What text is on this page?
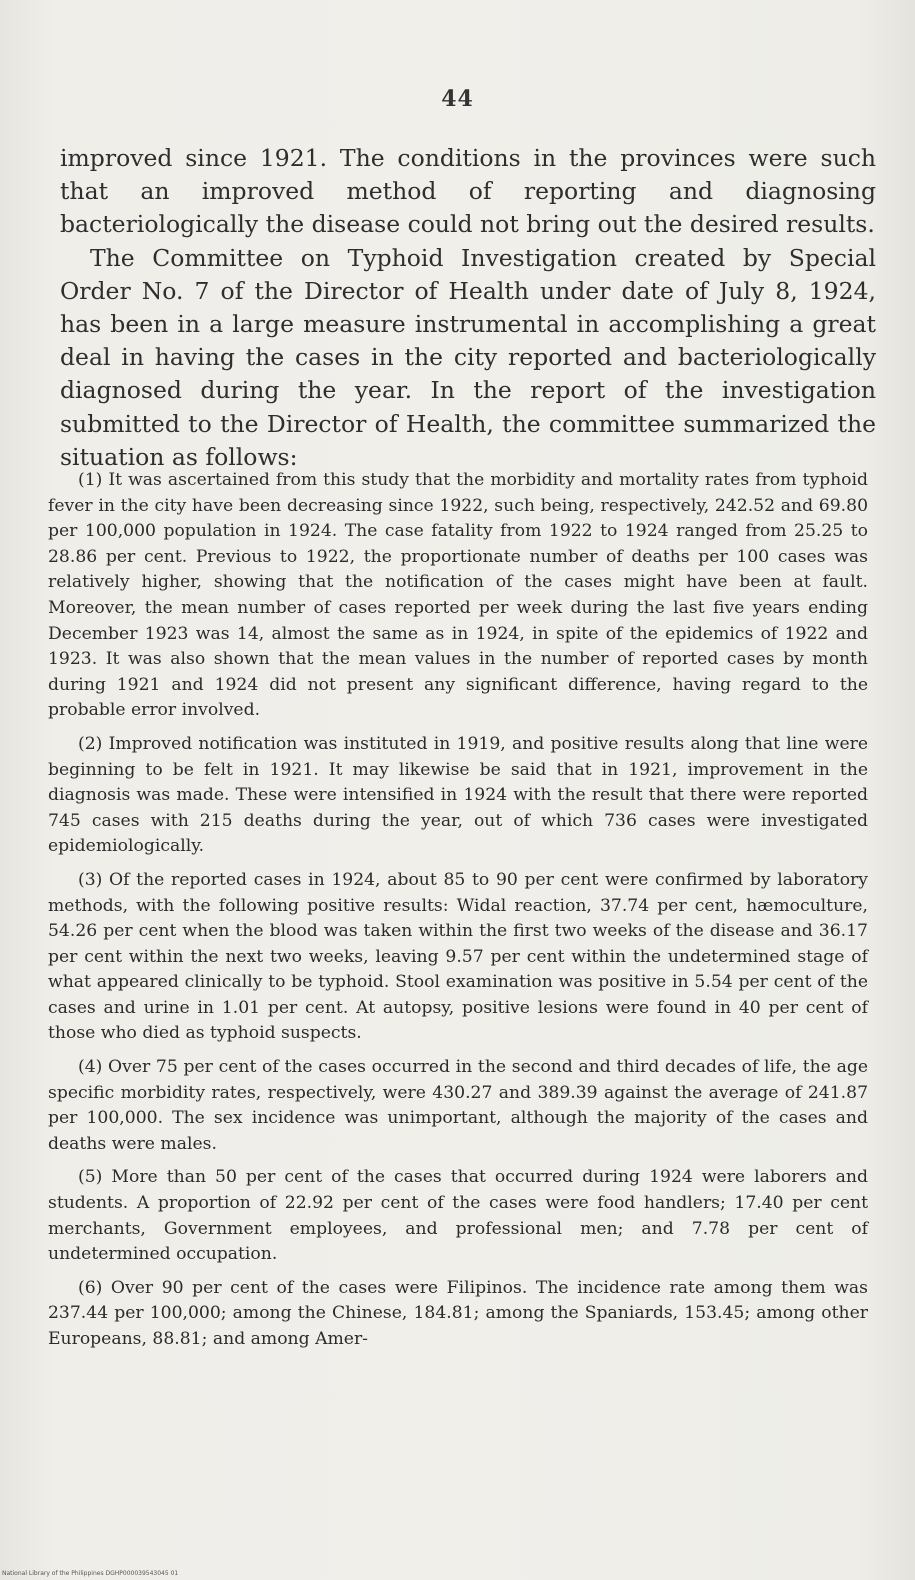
44

improved since 1921. The conditions in the provinces were such that an improved method of reporting and diagnosing bacteriologically the disease could not bring out the desired results.

The Committee on Typhoid Investigation created by Special Order No. 7 of the Director of Health under date of July 8, 1924, has been in a large measure instrumental in accomplishing a great deal in having the cases in the city reported and bacteriologically diagnosed during the year. In the report of the investigation submitted to the Director of Health, the committee summarized the situation as follows:

(1) It was ascertained from this study that the morbidity and mortality rates from typhoid fever in the city have been decreasing since 1922, such being, respectively, 242.52 and 69.80 per 100,000 population in 1924. The case fatality from 1922 to 1924 ranged from 25.25 to 28.86 per cent. Previous to 1922, the proportionate number of deaths per 100 cases was relatively higher, showing that the notification of the cases might have been at fault. Moreover, the mean number of cases reported per week during the last five years ending December 1923 was 14, almost the same as in 1924, in spite of the epidemics of 1922 and 1923. It was also shown that the mean values in the number of reported cases by month during 1921 and 1924 did not present any significant difference, having regard to the probable error involved.

(2) Improved notification was instituted in 1919, and positive results along that line were beginning to be felt in 1921. It may likewise be said that in 1921, improvement in the diagnosis was made. These were intensified in 1924 with the result that there were reported 745 cases with 215 deaths during the year, out of which 736 cases were investigated epidemiologically.

(3) Of the reported cases in 1924, about 85 to 90 per cent were confirmed by laboratory methods, with the following positive results: Widal reaction, 37.74 per cent, hæmoculture, 54.26 per cent when the blood was taken within the first two weeks of the disease and 36.17 per cent within the next two weeks, leaving 9.57 per cent within the undetermined stage of what appeared clinically to be typhoid. Stool examination was positive in 5.54 per cent of the cases and urine in 1.01 per cent. At autopsy, positive lesions were found in 40 per cent of those who died as typhoid suspects.

(4) Over 75 per cent of the cases occurred in the second and third decades of life, the age specific morbidity rates, respectively, were 430.27 and 389.39 against the average of 241.87 per 100,000. The sex incidence was unimportant, although the majority of the cases and deaths were males.

(5) More than 50 per cent of the cases that occurred during 1924 were laborers and students. A proportion of 22.92 per cent of the cases were food handlers; 17.40 per cent merchants, Government employees, and professional men; and 7.78 per cent of undetermined occupation.

(6) Over 90 per cent of the cases were Filipinos. The incidence rate among them was 237.44 per 100,000; among the Chinese, 184.81; among the Spaniards, 153.45; among other Europeans, 88.81; and among Amer-

National Library of the Philippines DGHP000039543045 01
